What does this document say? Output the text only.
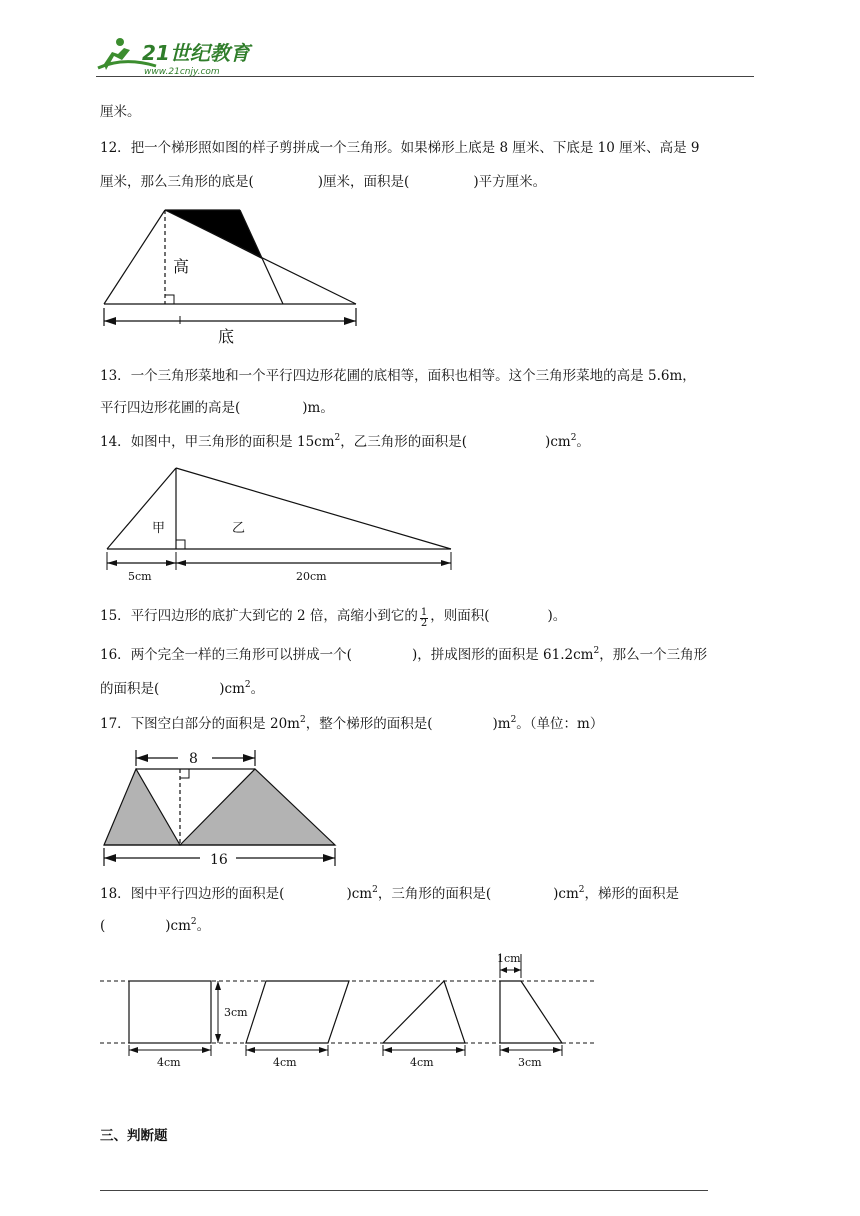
21世纪教育
www.21cnjy.com
厘米。
12．把一个梯形照如图的样子剪拼成一个三角形。如果梯形上底是 8 厘米、下底是 10 厘米、高是 9
厘米，那么三角形的底是(	)厘米，面积是(	)平方厘米。
高
底
13．一个三角形菜地和一个平行四边形花圃的底相等，面积也相等。这个三角形菜地的高是 5.6m，
平行四边形花圃的高是(	)m。
14．如图中，甲三角形的面积是 $15cm^2$，乙三角形的面积是(	)$cm^2$。
甲	乙
5cm	20cm
15．平行四边形的底扩大到它的 2 倍，高缩小到它的 $\frac{1}{2}$ ，则面积(	)。
16．两个完全一样的三角形可以拼成一个(	)，拼成图形的面积是 $61.2cm^2$，那么一个三角形
的面积是(	)$cm^2$。
17．下图空白部分的面积是 $20m^2$，整个梯形的面积是(	)$m^2$。（单位：m）
8
16
18．图中平行四边形的面积是(	)$cm^2$，三角形的面积是(	)$cm^2$，梯形的面积是
(	)$cm^2$。
3cm
4cm	4cm	4cm
1cm
3cm
三、判断题
